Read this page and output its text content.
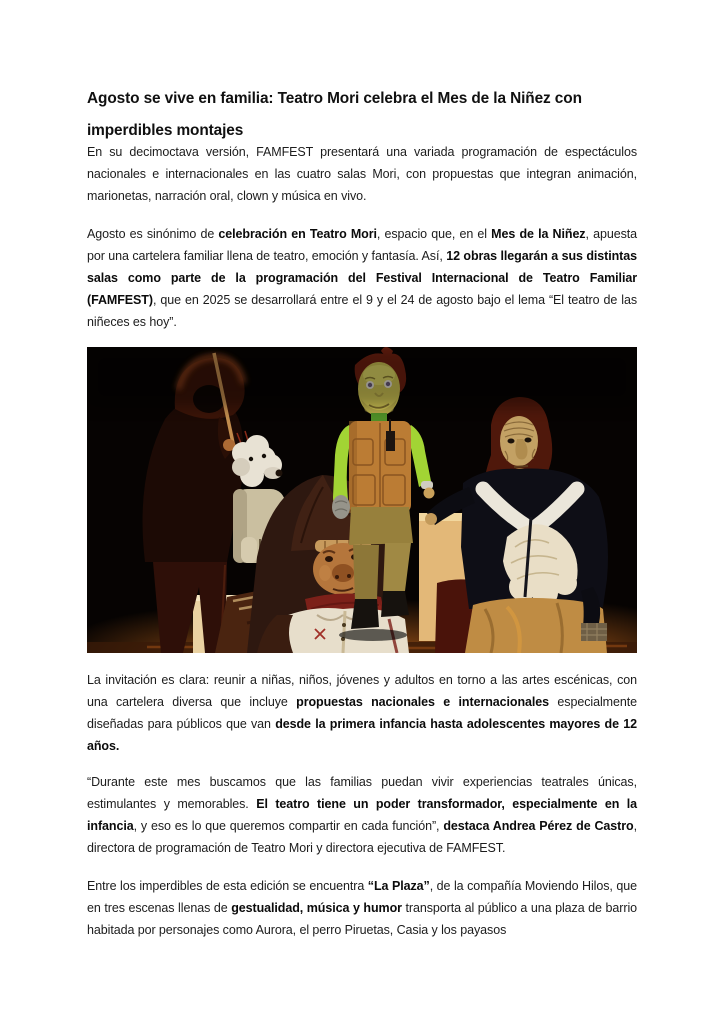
Agosto se vive en familia: Teatro Mori celebra el Mes de la Niñez con imperdibles montajes

En su decimoctava versión, FAMFEST presentará una variada programación de espectáculos nacionales e internacionales en las cuatro salas Mori, con propuestas que integran animación, marionetas, narración oral, clown y música en vivo.

Agosto es sinónimo de celebración en Teatro Mori, espacio que, en el Mes de la Niñez, apuesta por una cartelera familiar llena de teatro, emoción y fantasía. Así, 12 obras llegarán a sus distintas salas como parte de la programación del Festival Internacional de Teatro Familiar (FAMFEST), que en 2025 se desarrollará entre el 9 y el 24 de agosto bajo el lema “El teatro de las niñeces es hoy”.

La invitación es clara: reunir a niñas, niños, jóvenes y adultos en torno a las artes escénicas, con una cartelera diversa que incluye propuestas nacionales e internacionales especialmente diseñadas para públicos que van desde la primera infancia hasta adolescentes mayores de 12 años.

“Durante este mes buscamos que las familias puedan vivir experiencias teatrales únicas, estimulantes y memorables. El teatro tiene un poder transformador, especialmente en la infancia, y eso es lo que queremos compartir en cada función”, destaca Andrea Pérez de Castro, directora de programación de Teatro Mori y directora ejecutiva de FAMFEST.

Entre los imperdibles de esta edición se encuentra “La Plaza”, de la compañía Moviendo Hilos, que en tres escenas llenas de gestualidad, música y humor transporta al público a una plaza de barrio habitada por personajes como Aurora, el perro Piruetas, Casia y los payasos
